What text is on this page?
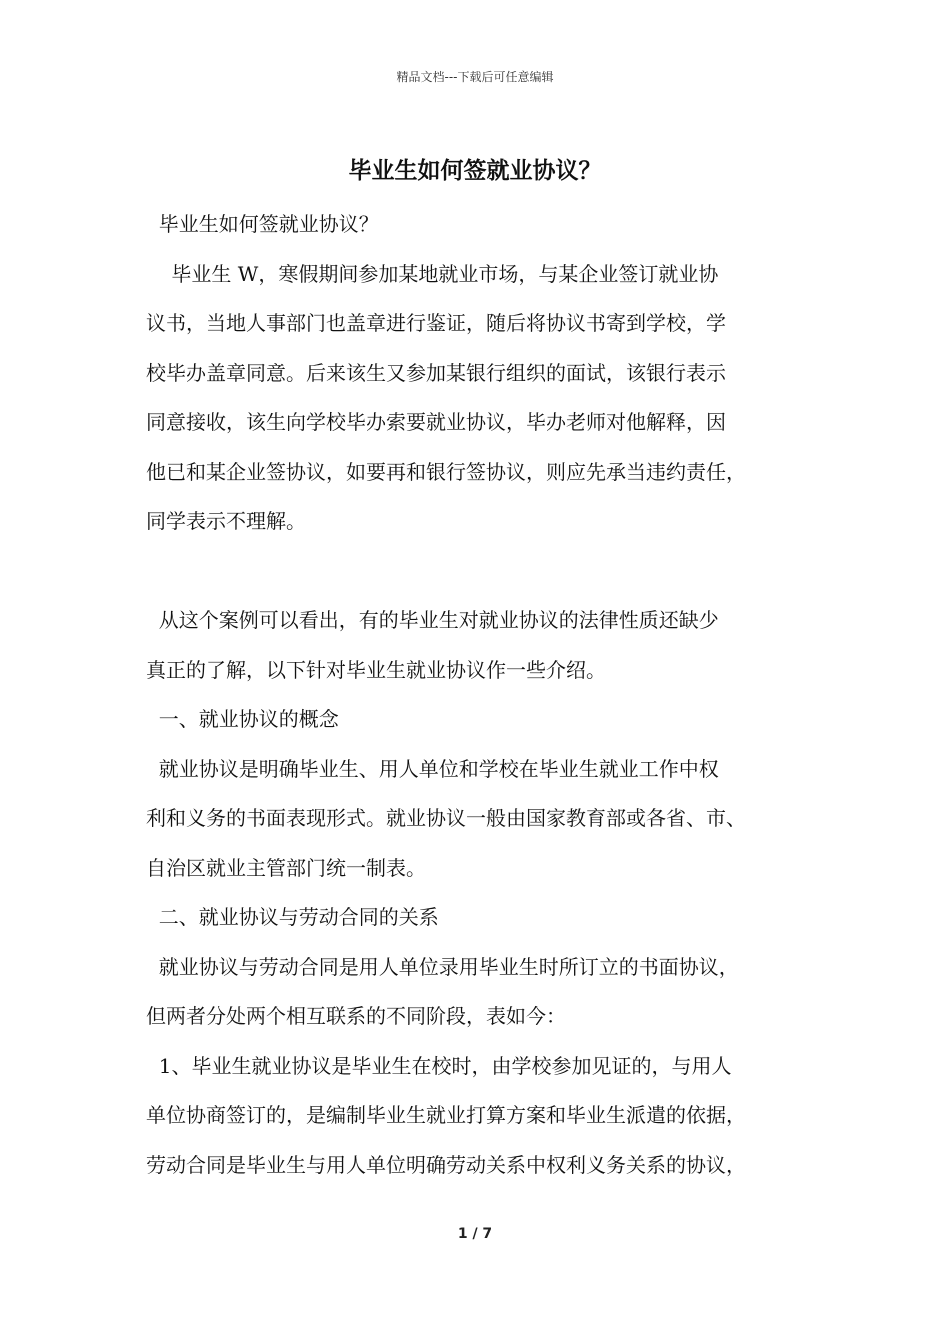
精品文档---下载后可任意编辑
毕业生如何签就业协议？

毕业生如何签就业协议？

毕业生 W，寒假期间参加某地就业市场，与某企业签订就业协

议书，当地人事部门也盖章进行鉴证，随后将协议书寄到学校，学

校毕办盖章同意。后来该生又参加某银行组织的面试，该银行表示

同意接收，该生向学校毕办索要就业协议，毕办老师对他解释，因

他已和某企业签协议，如要再和银行签协议，则应先承当违约责任，

同学表示不理解。

从这个案例可以看出，有的毕业生对就业协议的法律性质还缺少

真正的了解，以下针对毕业生就业协议作一些介绍。

一、就业协议的概念

就业协议是明确毕业生、用人单位和学校在毕业生就业工作中权

利和义务的书面表现形式。就业协议一般由国家教育部或各省、市、

自治区就业主管部门统一制表。

二、就业协议与劳动合同的关系

就业协议与劳动合同是用人单位录用毕业生时所订立的书面协议，

但两者分处两个相互联系的不同阶段，表如今：

1、毕业生就业协议是毕业生在校时，由学校参加见证的，与用人

单位协商签订的，是编制毕业生就业打算方案和毕业生派遣的依据，

劳动合同是毕业生与用人单位明确劳动关系中权利义务关系的协议，

1 / 7
